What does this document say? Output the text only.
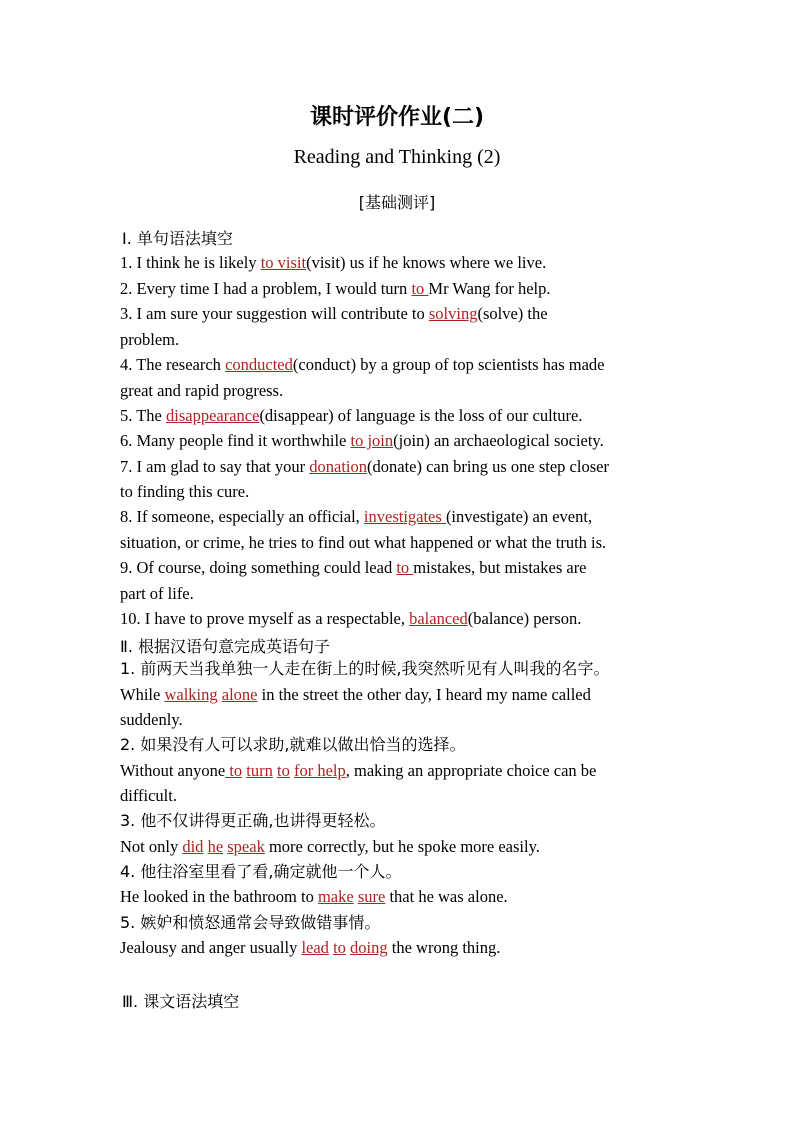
课时评价作业(二)
Reading and Thinking (2)
[基础测评]
Ⅰ. 单句语法填空
1. I think he is likely to visit(visit) us if he knows where we live.
2. Every time I had a problem, I would turn to Mr Wang for help.
3. I am sure your suggestion will contribute to solving(solve) the
problem.
4. The research conducted(conduct) by a group of top scientists has made
great and rapid progress.
5. The disappearance(disappear) of language is the loss of our culture.
6. Many people find it worthwhile to join(join) an archaeological society.
7. I am glad to say that your donation(donate) can bring us one step closer
to finding this cure.
8. If someone, especially an official, investigates (investigate) an event,
situation, or crime, he tries to find out what happened or what the truth is.
9. Of course, doing something could lead to mistakes, but mistakes are
part of life.
10. I have to prove myself as a respectable, balanced(balance) person.
Ⅱ. 根据汉语句意完成英语句子
1. 前两天当我单独一人走在街上的时候,我突然听见有人叫我的名字。
While walking alone in the street the other day, I heard my name called
suddenly.
2. 如果没有人可以求助,就难以做出恰当的选择。
Without anyone to turn to for help, making an appropriate choice can be
difficult.
3. 他不仅讲得更正确,也讲得更轻松。
Not only did he speak more correctly, but he spoke more easily.
4. 他往浴室里看了看,确定就他一个人。
He looked in the bathroom to make sure that he was alone.
5. 嫉妒和愤怒通常会导致做错事情。
Jealousy and anger usually lead to doing the wrong thing.
Ⅲ. 课文语法填空
